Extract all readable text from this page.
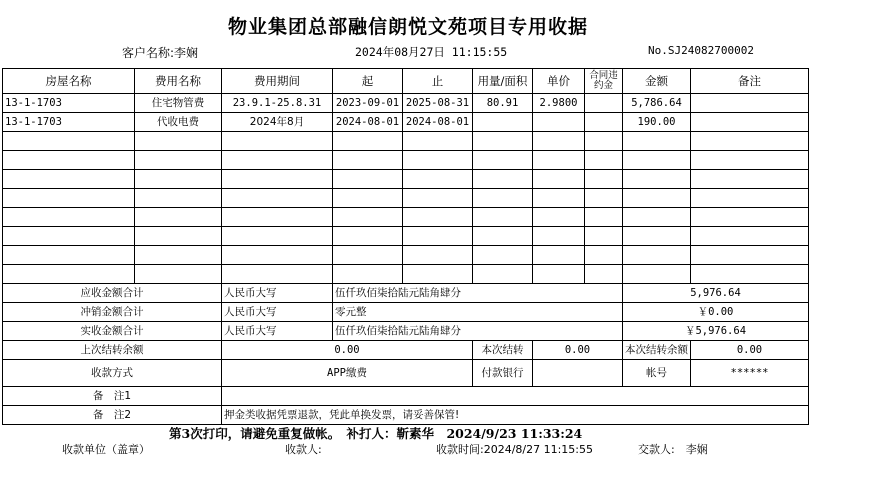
物业集团总部融信朗悦文苑项目专用收据
客户名称:李娴	2024年08月27日 11:15:55	No.SJ24082700002
房屋名称	费用名称	费用期间	起	止	用量/面积	单价	合同违约金	金额	备注
13-1-1703	住宅物管费	23.9.1-25.8.31	2023-09-01	2025-08-31	80.91	2.9800		5,786.64	
13-1-1703	代收电费	2024年8月	2024-08-01	2024-08-01				190.00	

应收金额合计		人民币大写	伍仟玖佰柒拾陆元陆角肆分					5,976.64	
冲销金额合计		人民币大写	零元整					￥0.00	
实收金额合计		人民币大写	伍仟玖佰柒拾陆元陆角肆分					￥5,976.64	
上次结转余额		0.00			本次结转	0.00		本次结转余额	0.00
收款方式		APP缴费			付款银行			帐号	******
备　注1									
备　注2		押金类收据凭票退款，凭此单换发票，请妥善保管!							
第3次打印，请避免重复做帐。　补打人：靳素华　2024/9/23 11:33:24
收款单位（盖章）	收款人:	收款时间:2024/8/27 11:15:55	交款人:　李娴
